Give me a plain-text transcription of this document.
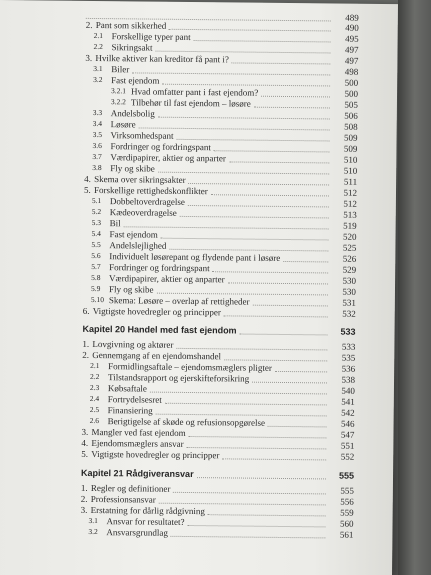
489
2. Pant som sikkerhed	490
2.1 Forskellige typer pant	495
2.2 Sikringsakt	497
3. Hvilke aktiver kan kreditor få pant i?	497
3.1 Biler	498
3.2 Fast ejendom	500
3.2.1 Hvad omfatter pant i fast ejendom?	500
3.2.2 Tilbehør til fast ejendom – løsøre	505
3.3 Andelsbolig	506
3.4 Løsøre	508
3.5 Virksomhedspant	509
3.6 Fordringer og fordringspant	509
3.7 Værdipapirer, aktier og anparter	510
3.8 Fly og skibe	510
4. Skema over sikringsakter	511
5. Forskellige rettighedskonflikter	512
5.1 Dobbeltoverdragelse	512
5.2 Kædeoverdragelse	513
5.3 Bil	519
5.4 Fast ejendom	520
5.5 Andelslejlighed	525
5.6 Individuelt løsørepant og flydende pant i løsøre	526
5.7 Fordringer og fordringspant	529
5.8 Værdipapirer, aktier og anparter	530
5.9 Fly og skibe	530
5.10 Skema: Løsøre – overlap af rettigheder	531
6. Vigtigste hovedregler og principper	532
Kapitel 20 Handel med fast ejendom	533
1. Lovgivning og aktører	533
2. Gennemgang af en ejendomshandel	535
2.1 Formidlingsaftale – ejendomsmæglers pligter	536
2.2 Tilstandsrapport og ejerskifteforsikring	538
2.3 Købsaftale	540
2.4 Fortrydelsesret	541
2.5 Finansiering	542
2.6 Berigtigelse af skøde og refusionsopgørelse	546
3. Mangler ved fast ejendom	547
4. Ejendomsmæglers ansvar	551
5. Vigtigste hovedregler og principper	552
Kapitel 21 Rådgiveransvar	555
1. Regler og definitioner	555
2. Professionsansvar	556
3. Erstatning for dårlig rådgivning	559
3.1 Ansvar for resultatet?	560
3.2 Ansvarsgrundlag	561
